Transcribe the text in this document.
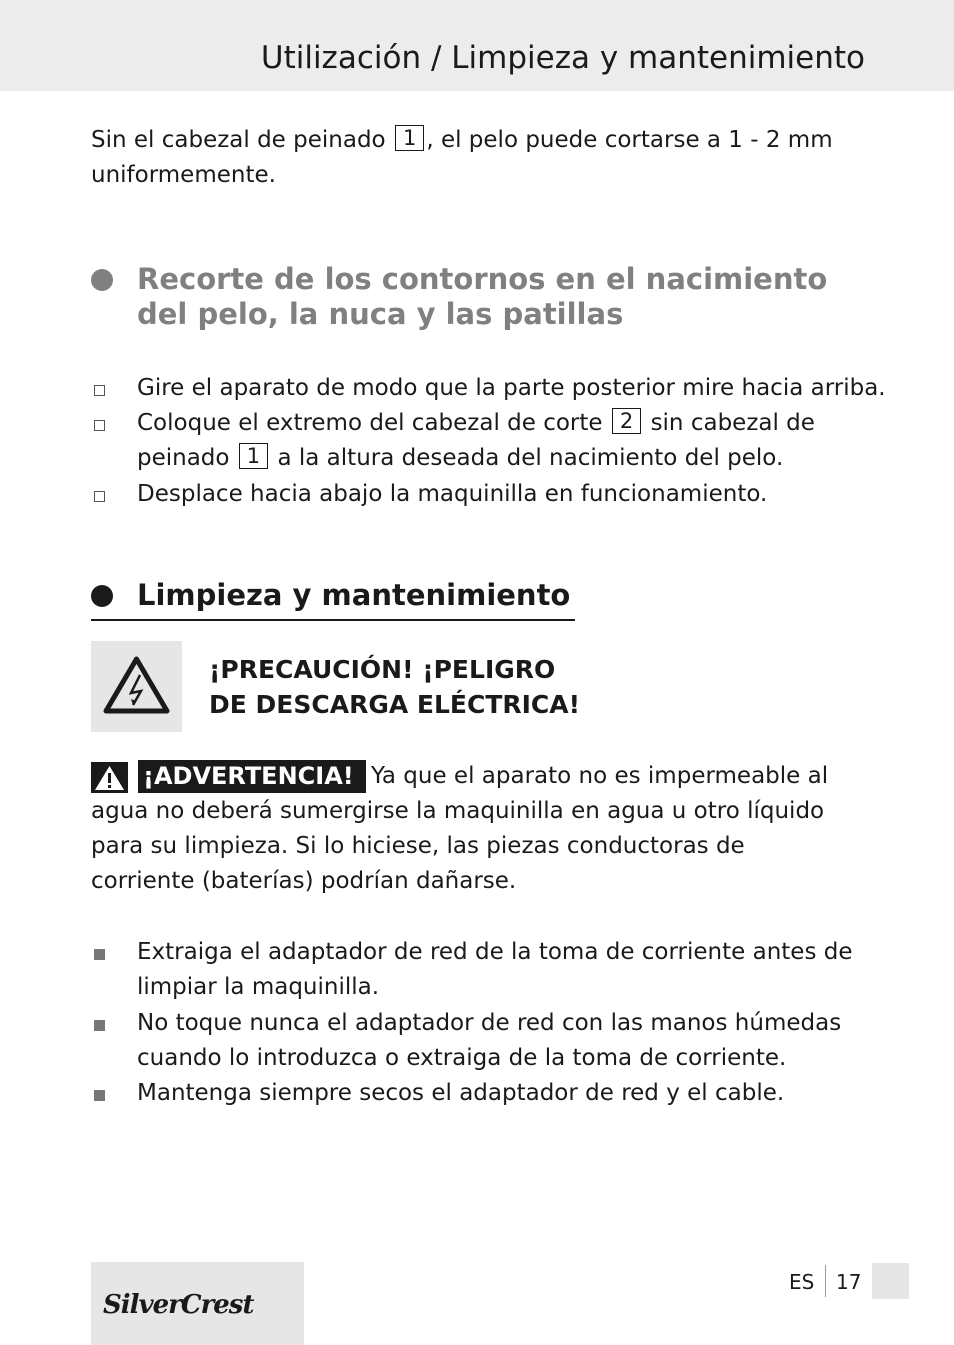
Utilización / Limpieza y mantenimiento
Sin el cabezal de peinado 1 , el pelo puede cortarse a 1 - 2 mm
uniformemente.
Recorte de los contornos en el nacimiento
del pelo, la nuca y las patillas
Gire el aparato de modo que la parte posterior mire hacia arriba.
Coloque el extremo del cabezal de corte 2 sin cabezal de
peinado 1 a la altura deseada del nacimiento del pelo.
Desplace hacia abajo la maquinilla en funcionamiento.
Limpieza y mantenimiento
¡PRECAUCIÓN! ¡PELIGRO
DE DESCARGA ELÉCTRICA!
Ya que el aparato no es impermeable al agua no deberá sumergirse la maquinilla en agua u otro líquido para su limpieza. Si lo hiciese, las piezas conductoras de corriente (baterías) podrían dañarse.
¡ADVERTENCIA!
Extraiga el adaptador de red de la toma de corriente antes de limpiar la maquinilla.
No toque nunca el adaptador de red con las manos húmedas cuando lo introduzca o extraiga de la toma de corriente.
Mantenga siempre secos el adaptador de red y el cable.
SilverCrest
ES 17
